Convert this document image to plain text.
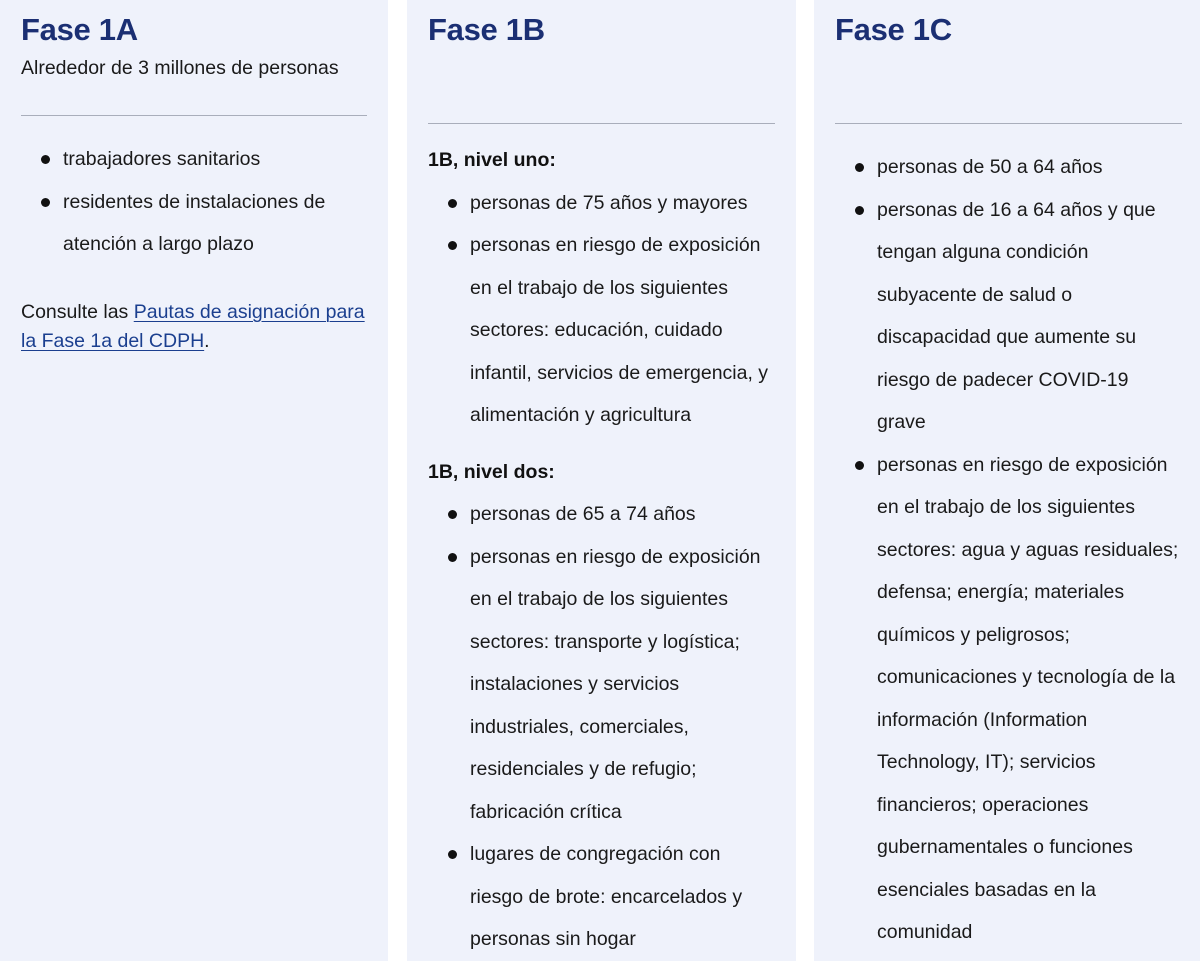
Fase 1A

Alrededor de 3 millones de personas

trabajadores sanitarios
residentes de instalaciones de atención a largo plazo

Consulte las Pautas de asignación para la Fase 1a del CDPH.

Fase 1B

1B, nivel uno:

personas de 75 años y mayores
personas en riesgo de exposición en el trabajo de los siguientes sectores: educación, cuidado infantil, servicios de emergencia, y alimentación y agricultura

1B, nivel dos:

personas de 65 a 74 años
personas en riesgo de exposición en el trabajo de los siguientes sectores: transporte y logística; instalaciones y servicios industriales, comerciales, residenciales y de refugio; fabricación crítica
lugares de congregación con riesgo de brote: encarcelados y personas sin hogar
Fase 1C

personas de 50 a 64 años
personas de 16 a 64 años y que tengan alguna condición subyacente de salud o discapacidad que aumente su riesgo de padecer COVID-19 grave
personas en riesgo de exposición en el trabajo de los siguientes sectores: agua y aguas residuales; defensa; energía; materiales químicos y peligrosos; comunicaciones y tecnología de la información (Information Technology, IT); servicios financieros; operaciones gubernamentales o funciones esenciales basadas en la comunidad
